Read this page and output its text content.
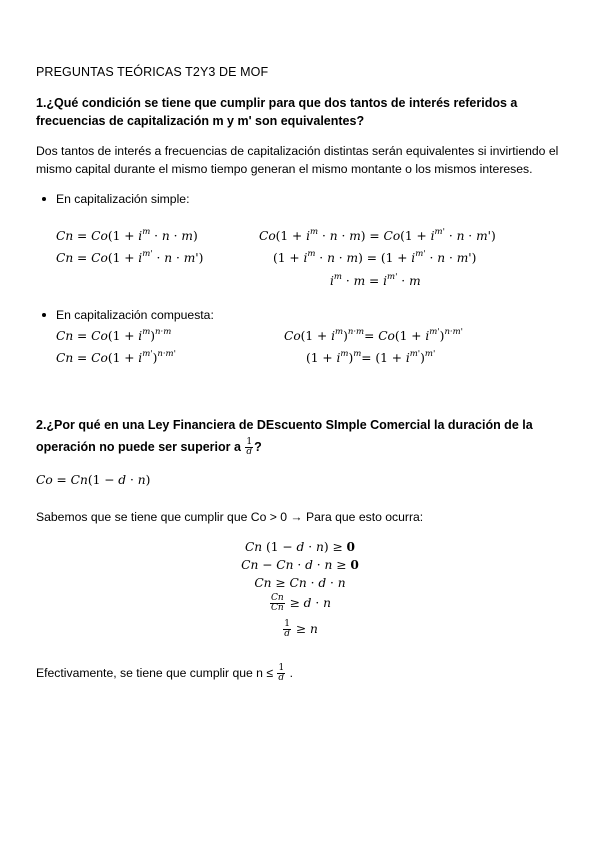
PREGUNTAS TEÓRICAS T2Y3 DE MOF
1.¿Qué condición se tiene que cumplir para que dos tantos de interés referidos a
frecuencias de capitalización m y m' son equivalentes?
Dos tantos de interés a frecuencias de capitalización distintas serán equivalentes si invirtiendo el
mismo capital durante el mismo tiempo generan el mismo montante o los mismos intereses.
En capitalización simple:
$Cn = Co(1 + i^m \cdot n \cdot m)$
$Cn = Co(1 + i^{m'} \cdot n \cdot m')$
$Co(1 + i^m \cdot n \cdot m) = Co(1 + i^{m'} \cdot n \cdot m')$
$(1 + i^m \cdot n \cdot m) = (1 + i^{m'} \cdot n \cdot m')$
$i^m \cdot m = i^{m'} \cdot m$
En capitalización compuesta:
$Cn = Co(1 + i^m)^{n\cdot m}$
$Cn = Co(1 + i^{m'})^{n\cdot m'}$
$Co(1 + i^m)^{n\cdot m}= Co(1 + i^{m'})^{n\cdot m'}$
$(1 + i^m)^m= (1 + i^{m'})^{m'}$
2.¿Por qué en una Ley Financiera de DEscuento SImple Comercial la duración de la
operación no puede ser superior a $\frac{1}{d}$ ?
Co = Cn(1 − d · n)
Sabemos que se tiene que cumplir que Co > 0 → Para que esto ocurra:
Cn (1 − d · n) ≥ 0
Cn − Cn · d · n ≥ 0
Cn ≥ Cn · d · n
$\frac{Cn}{Cn} \ge d \cdot n$
$\frac{1}{d} \ge n$
Efectivamente, se tiene que cumplir que $n \le \frac{1}{d}$ .
